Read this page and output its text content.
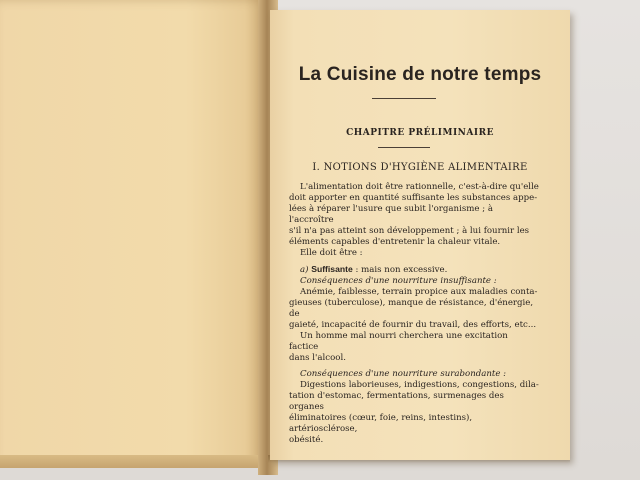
La Cuisine de notre temps
CHAPITRE PRÉLIMINAIRE
I. NOTIONS D'HYGIÈNE ALIMENTAIRE

L'alimentation doit être rationnelle, c'est-à-dire qu'elle

doit apporter en quantité suffisante les substances appe-

lées à réparer l'usure que subit l'organisme ; à l'accroître

s'il n'a pas atteint son développement ; à lui fournir les

éléments capables d'entretenir la chaleur vitale.

Elle doit être :

a) Suffisante : mais non excessive.

Conséquences d'une nourriture insuffisante :

Anémie, faiblesse, terrain propice aux maladies conta-

gieuses (tuberculose), manque de résistance, d'énergie, de

gaieté, incapacité de fournir du travail, des efforts, etc...

Un homme mal nourri cherchera une excitation factice

dans l'alcool.

Conséquences d'une nourriture surabondante :

Digestions laborieuses, indigestions, congestions, dila-

tation d'estomac, fermentations, surmenages des organes

éliminatoires (cœur, foie, reins, intestins), artériosclérose,

obésité.
